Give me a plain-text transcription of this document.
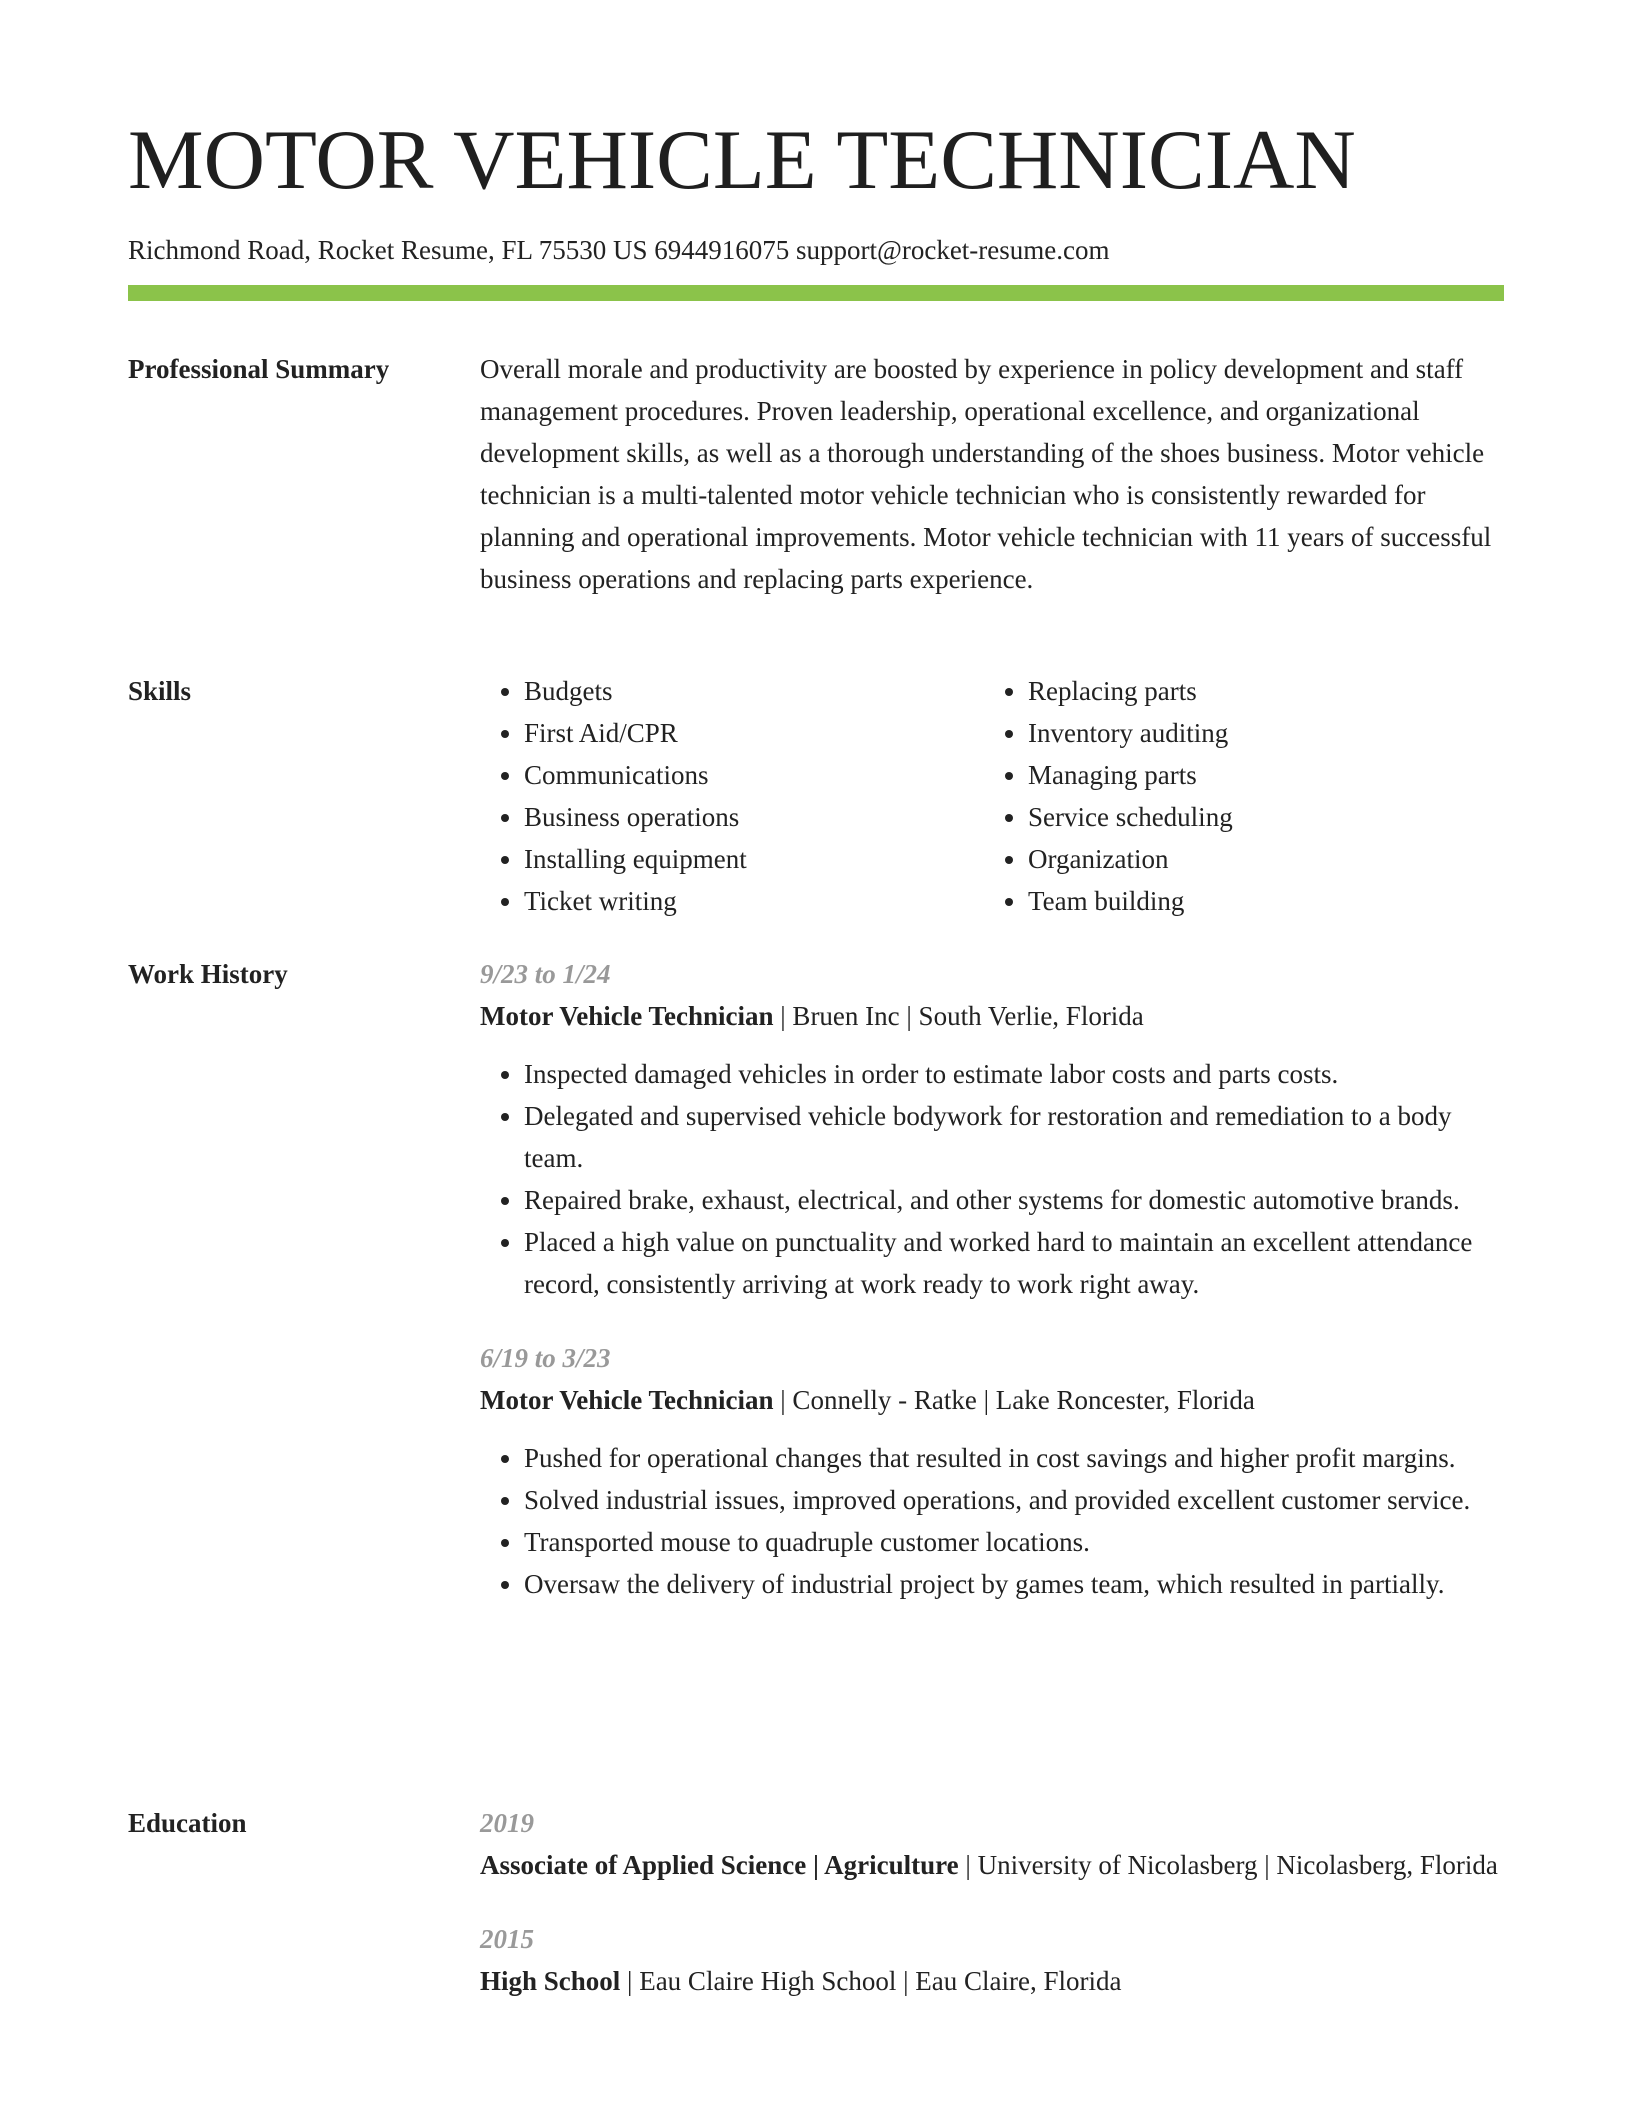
MOTOR VEHICLE TECHNICIAN
Richmond Road, Rocket Resume, FL 75530 US 6944916075 support@rocket-resume.com
Professional Summary	Overall morale and productivity are boosted by experience in policy development and staff management procedures. Proven leadership, operational excellence, and organizational development skills, as well as a thorough understanding of the shoes business. Motor vehicle technician is a multi-talented motor vehicle technician who is consistently rewarded for planning and operational improvements. Motor vehicle technician with 11 years of successful business operations and replacing parts experience.

Skills
•	Budgets
• First Aid/CPR
• Communications
• Business operations
• Installing equipment
• Ticket writing
• Replacing parts
• Inventory auditing
• Managing parts
• Service scheduling
• Organization
• Team building
Work History	9/23 to 1/24

Motor Vehicle Technician | Bruen Inc | South Verlie, Florida

• Inspected damaged vehicles in order to estimate labor costs and parts costs.
• Delegated and supervised vehicle bodywork for restoration and remediation to a body team.
• Repaired brake, exhaust, electrical, and other systems for domestic automotive brands.
• Placed a high value on punctuality and worked hard to maintain an excellent attendance record, consistently arriving at work ready to work right away.
6/19 to 3/23

Motor Vehicle Technician | Connelly - Ratke | Lake Roncester, Florida

• Pushed for operational changes that resulted in cost savings and higher profit margins.
• Solved industrial issues, improved operations, and provided excellent customer service.
• Transported mouse to quadruple customer locations.
• Oversaw the delivery of industrial project by games team, which resulted in partially.
Education	2019

Associate of Applied Science | Agriculture | University of Nicolasberg | Nicolasberg, Florida

2015

High School | Eau Claire High School | Eau Claire, Florida
